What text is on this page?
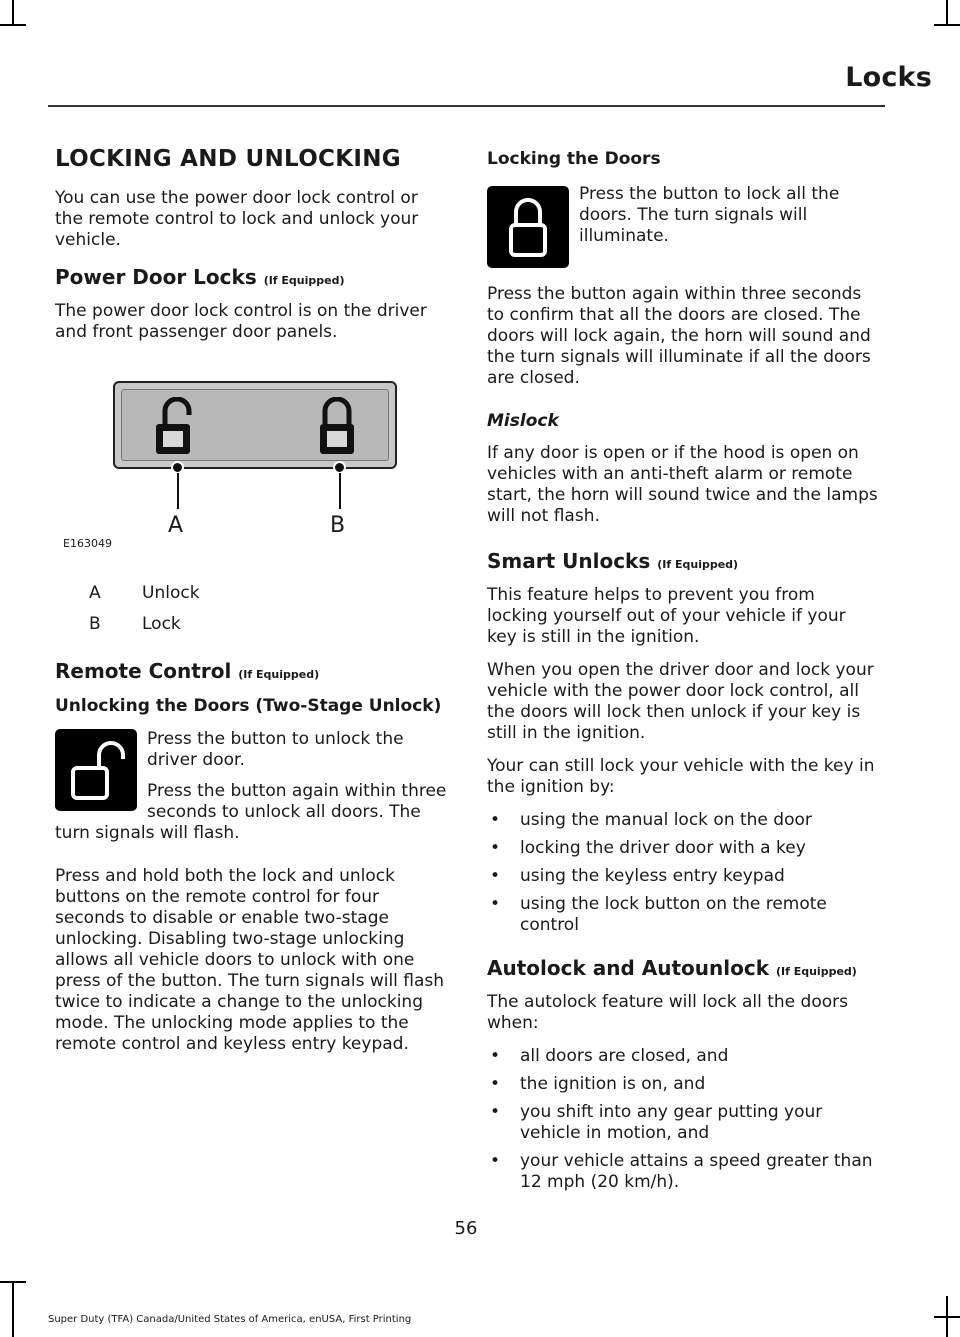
Locks
LOCKING AND UNLOCKING

You can use the power door lock control or the remote control to lock and unlock your vehicle.

Power Door Locks (If Equipped)

The power door lock control is on the driver and front passenger door panels.

A	B
E163049
A	Unlock
B	Lock
Remote Control (If Equipped)
Unlocking the Doors (Two-Stage Unlock)

Press the button to unlock the driver door.

Press the button again within three seconds to unlock all doors. The turn signals will flash.

Press and hold both the lock and unlock buttons on the remote control for four seconds to disable or enable two-stage unlocking. Disabling two-stage unlocking allows all vehicle doors to unlock with one press of the button. The turn signals will flash twice to indicate a change to the unlocking mode. The unlocking mode applies to the remote control and keyless entry keypad.

Locking the Doors

Press the button to lock all the doors. The turn signals will illuminate.

Press the button again within three seconds to confirm that all the doors are closed. The doors will lock again, the horn will sound and the turn signals will illuminate if all the doors are closed.

Mislock

If any door is open or if the hood is open on vehicles with an anti-theft alarm or remote start, the horn will sound twice and the lamps will not flash.

Smart Unlocks (If Equipped)

This feature helps to prevent you from locking yourself out of your vehicle if your key is still in the ignition.

When you open the driver door and lock your vehicle with the power door lock control, all the doors will lock then unlock if your key is still in the ignition.

Your can still lock your vehicle with the key in the ignition by:

• using the manual lock on the door
• locking the driver door with a key
• using the keyless entry keypad
• using the lock button on the remote control
Autolock and Autounlock (If Equipped)

The autolock feature will lock all the doors when:

• all doors are closed, and
• the ignition is on, and
• you shift into any gear putting your vehicle in motion, and
• your vehicle attains a speed greater than 12 mph (20 km/h).
56
Super Duty (TFA) Canada/United States of America, enUSA, First Printing
